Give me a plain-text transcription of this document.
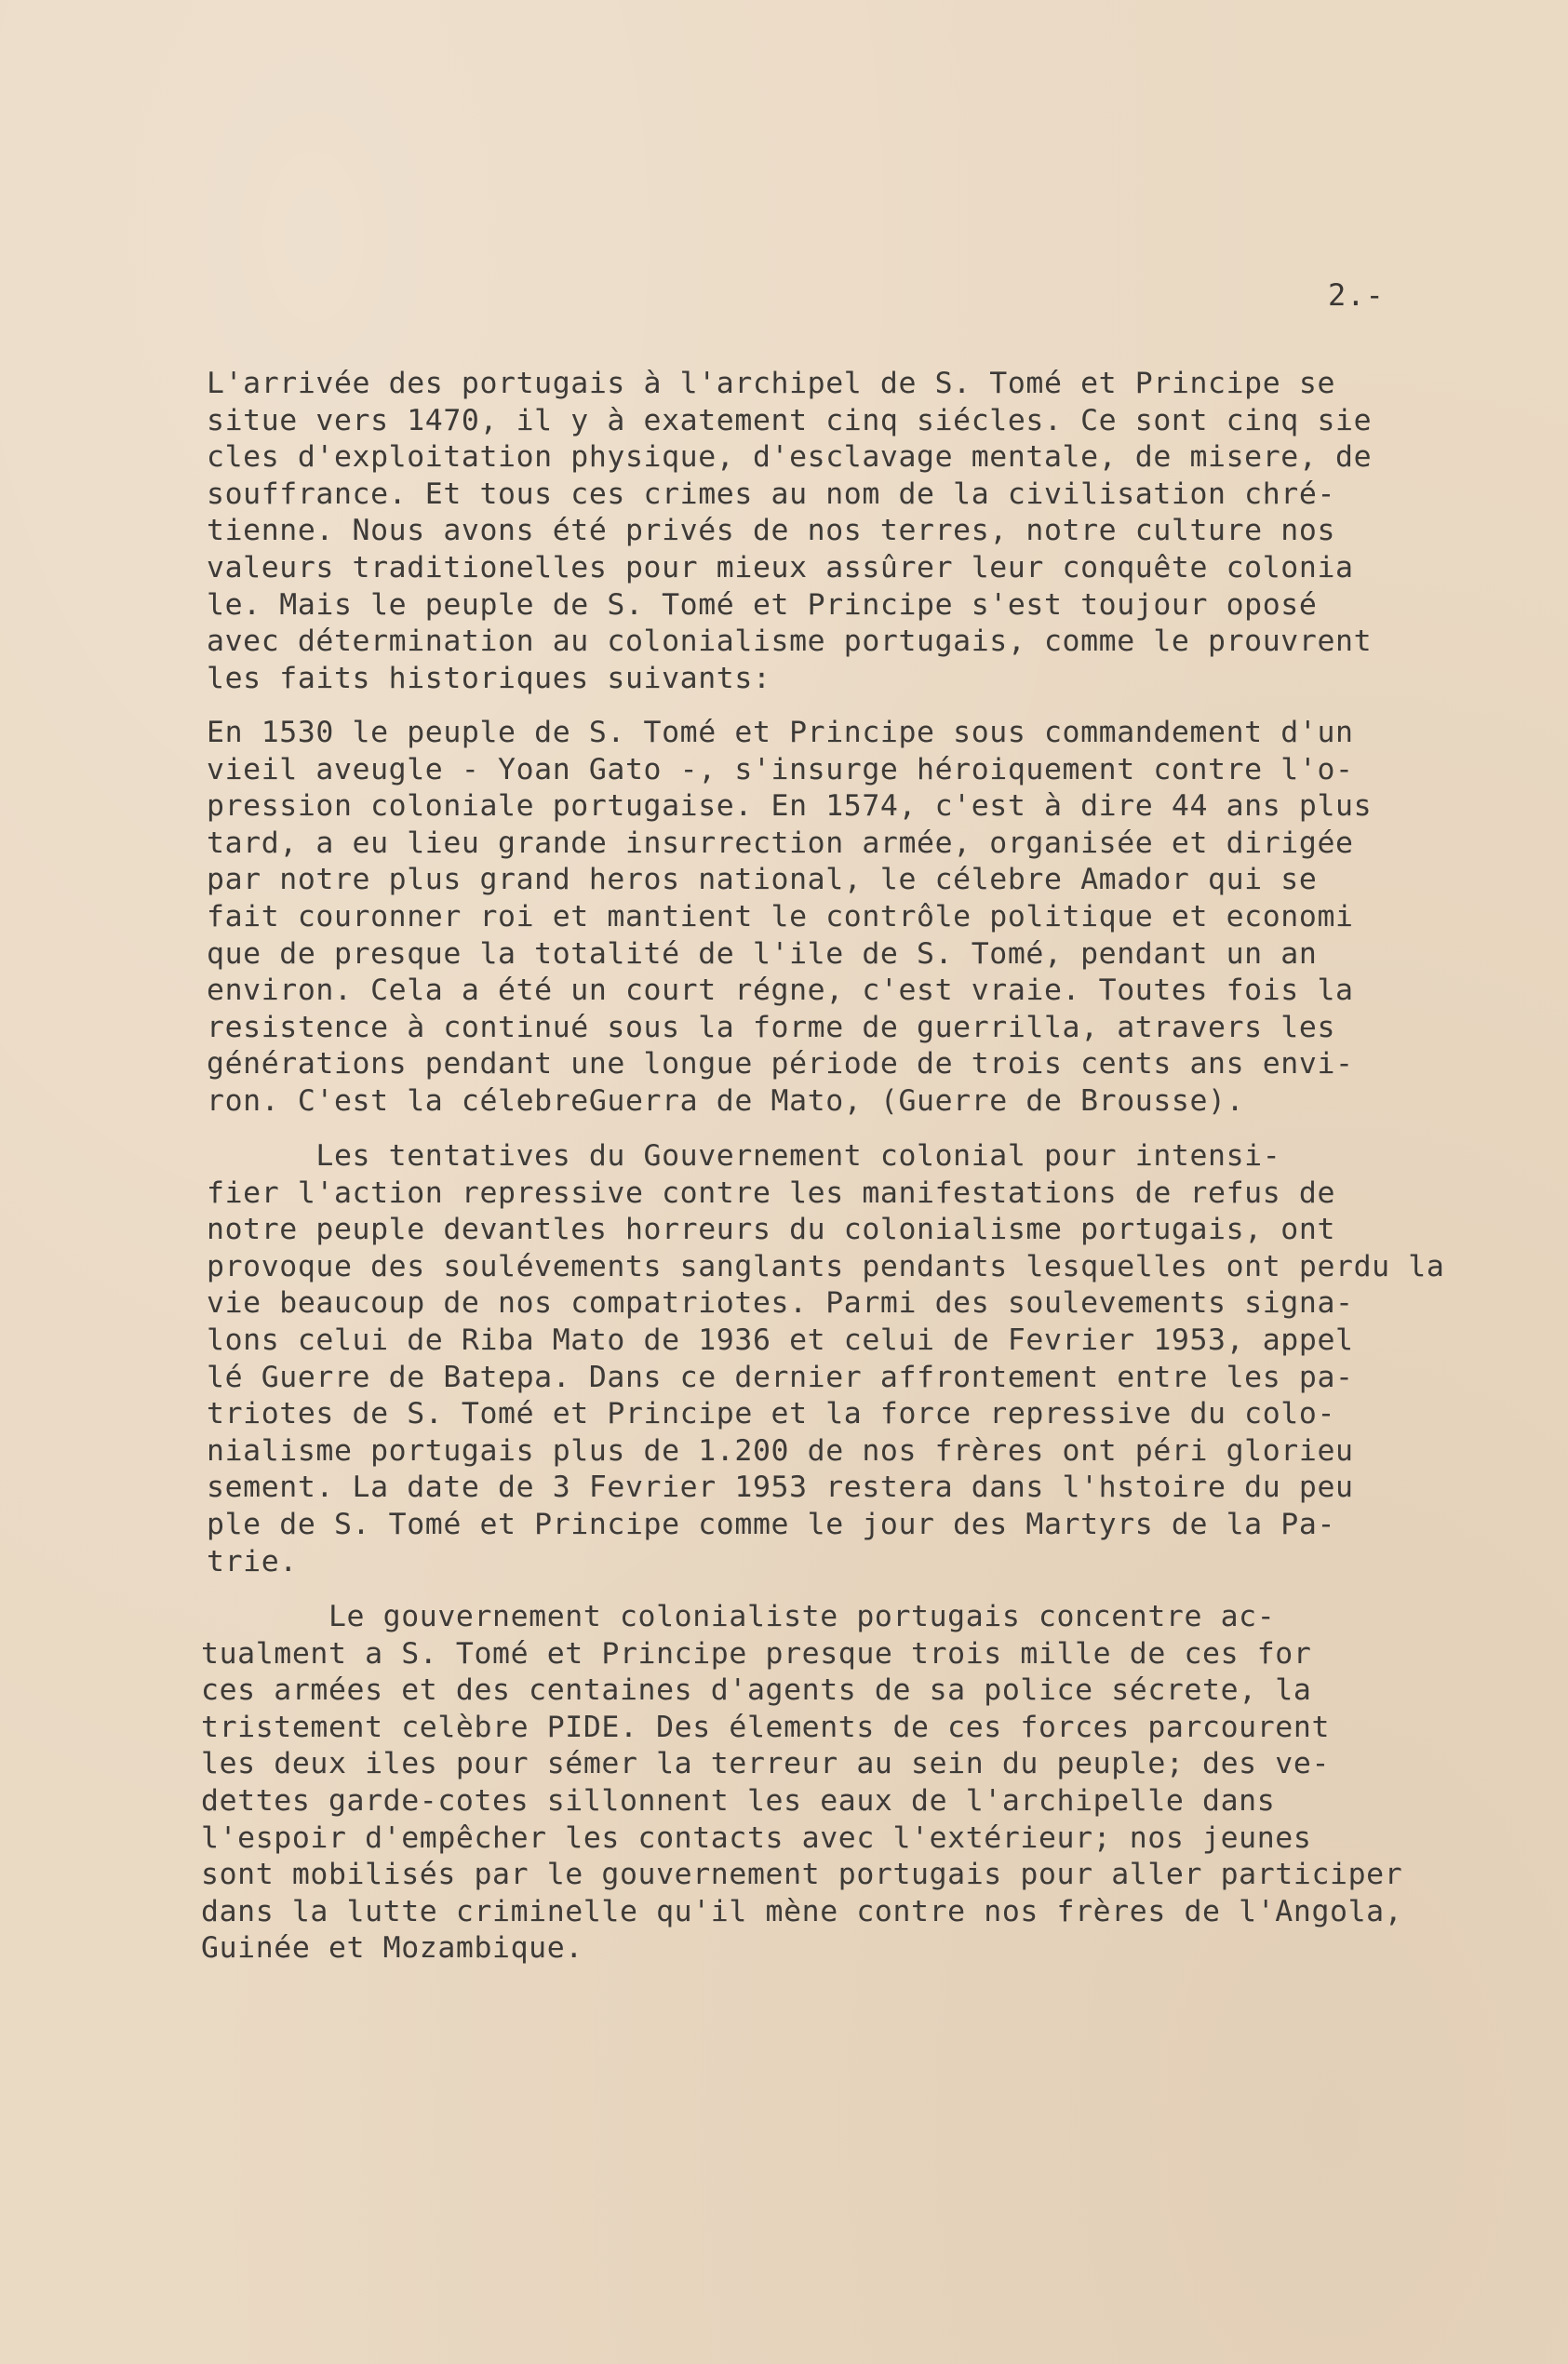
2.-
L'arrivée des portugais à l'archipel de S. Tomé et Principe se
situe vers 1470, il y à exatement cinq siécles. Ce sont cinq sie
cles d'exploitation physique, d'esclavage mentale, de misere, de
souffrance. Et tous ces crimes au nom de la civilisation chré-
tienne. Nous avons été privés de nos terres, notre culture nos
valeurs traditionelles pour mieux assûrer leur conquête colonia
le. Mais le peuple de S. Tomé et Principe s'est toujour oposé
avec détermination au colonialisme portugais, comme le prouvrent
les faits historiques suivants:
En 1530 le peuple de S. Tomé et Principe sous commandement d'un
vieil aveugle - Yoan Gato -, s'insurge héroiquement contre l'o-
pression coloniale portugaise. En 1574, c'est à dire 44 ans plus
tard, a eu lieu grande insurrection armée, organisée et dirigée
par notre plus grand heros national, le célebre Amador qui se
fait couronner roi et mantient le contrôle politique et economi
que de presque la totalité de l'ile de S. Tomé, pendant un an
environ. Cela a été un court régne, c'est vraie. Toutes fois la
resistence à continué sous la forme de guerrilla, atravers les
générations pendant une longue période de trois cents ans envi-
ron. C'est la célebreGuerra de Mato, (Guerre de Brousse).
Les tentatives du Gouvernement colonial pour intensi-
fier l'action repressive contre les manifestations de refus de
notre peuple devantles horreurs du colonialisme portugais, ont
provoque des soulévements sanglants pendants lesquelles ont perdu la
vie beaucoup de nos compatriotes. Parmi des soulevements signa-
lons celui de Riba Mato de 1936 et celui de Fevrier 1953, appel
lé Guerre de Batepa. Dans ce dernier affrontement entre les pa-
triotes de S. Tomé et Principe et la force repressive du colo-
nialisme portugais plus de 1.200 de nos frères ont péri glorieu
sement. La date de 3 Fevrier 1953 restera dans l'hstoire du peu
ple de S. Tomé et Principe comme le jour des Martyrs de la Pa-
trie.
Le gouvernement colonialiste portugais concentre ac-
tualment a S. Tomé et Principe presque trois mille de ces for
ces armées et des centaines d'agents de sa police sécrete, la
tristement celèbre PIDE. Des élements de ces forces parcourent
les deux iles pour sémer la terreur au sein du peuple; des ve-
dettes garde-cotes sillonnent les eaux de l'archipelle dans
l'espoir d'empêcher les contacts avec l'extérieur; nos jeunes
sont mobilisés par le gouvernement portugais pour aller participer
dans la lutte criminelle qu'il mène contre nos frères de l'Angola,
Guinée et Mozambique.
